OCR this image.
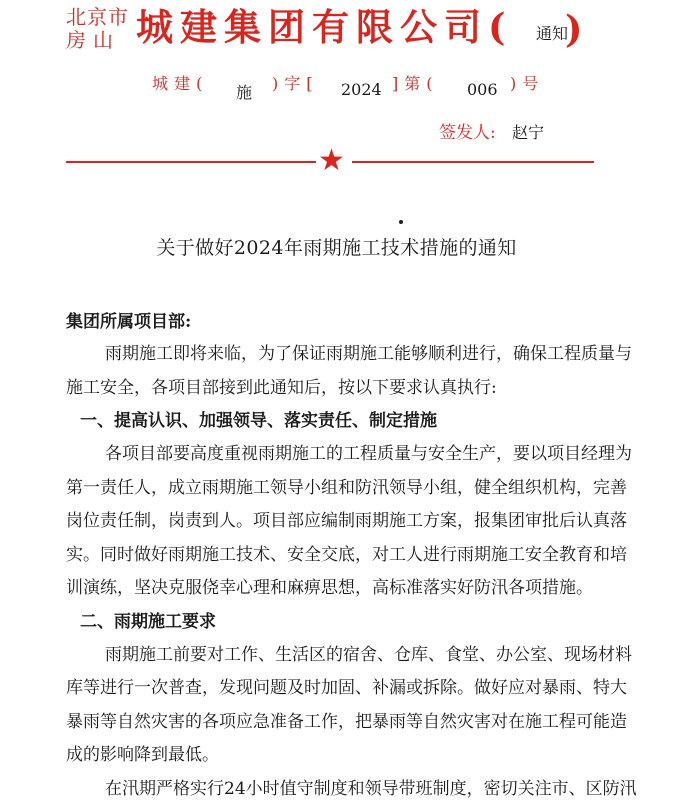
北京市
房山 城建集团有限公司( 通知
)
城建( 施 )字[ 2024 ]第( 006 )号
签发人: 赵宁
★
关于做好2024年雨期施工技术措施的通知
集团所属项目部:
雨期施工即将来临，为了保证雨期施工能够顺利进行，确保工程质量与
施工安全，各项目部接到此通知后，按以下要求认真执行:
一、提高认识、加强领导、落实责任、制定措施
各项目部要高度重视雨期施工的工程质量与安全生产，要以项目经理为
第一责任人，成立雨期施工领导小组和防汛领导小组，健全组织机构，完善
岗位责任制，岗责到人。项目部应编制雨期施工方案，报集团审批后认真落
实。同时做好雨期施工技术、安全交底，对工人进行雨期施工安全教育和培
训演练，坚决克服侥幸心理和麻痹思想，高标准落实好防汛各项措施。
二、雨期施工要求
雨期施工前要对工作、生活区的宿舍、仓库、食堂、办公室、现场材料
库等进行一次普查，发现问题及时加固、补漏或拆除。做好应对暴雨、特大
暴雨等自然灾害的各项应急准备工作，把暴雨等自然灾害对在施工程可能造
成的影响降到最低。
在汛期严格实行24小时值守制度和领导带班制度，密切关注市、区防汛
